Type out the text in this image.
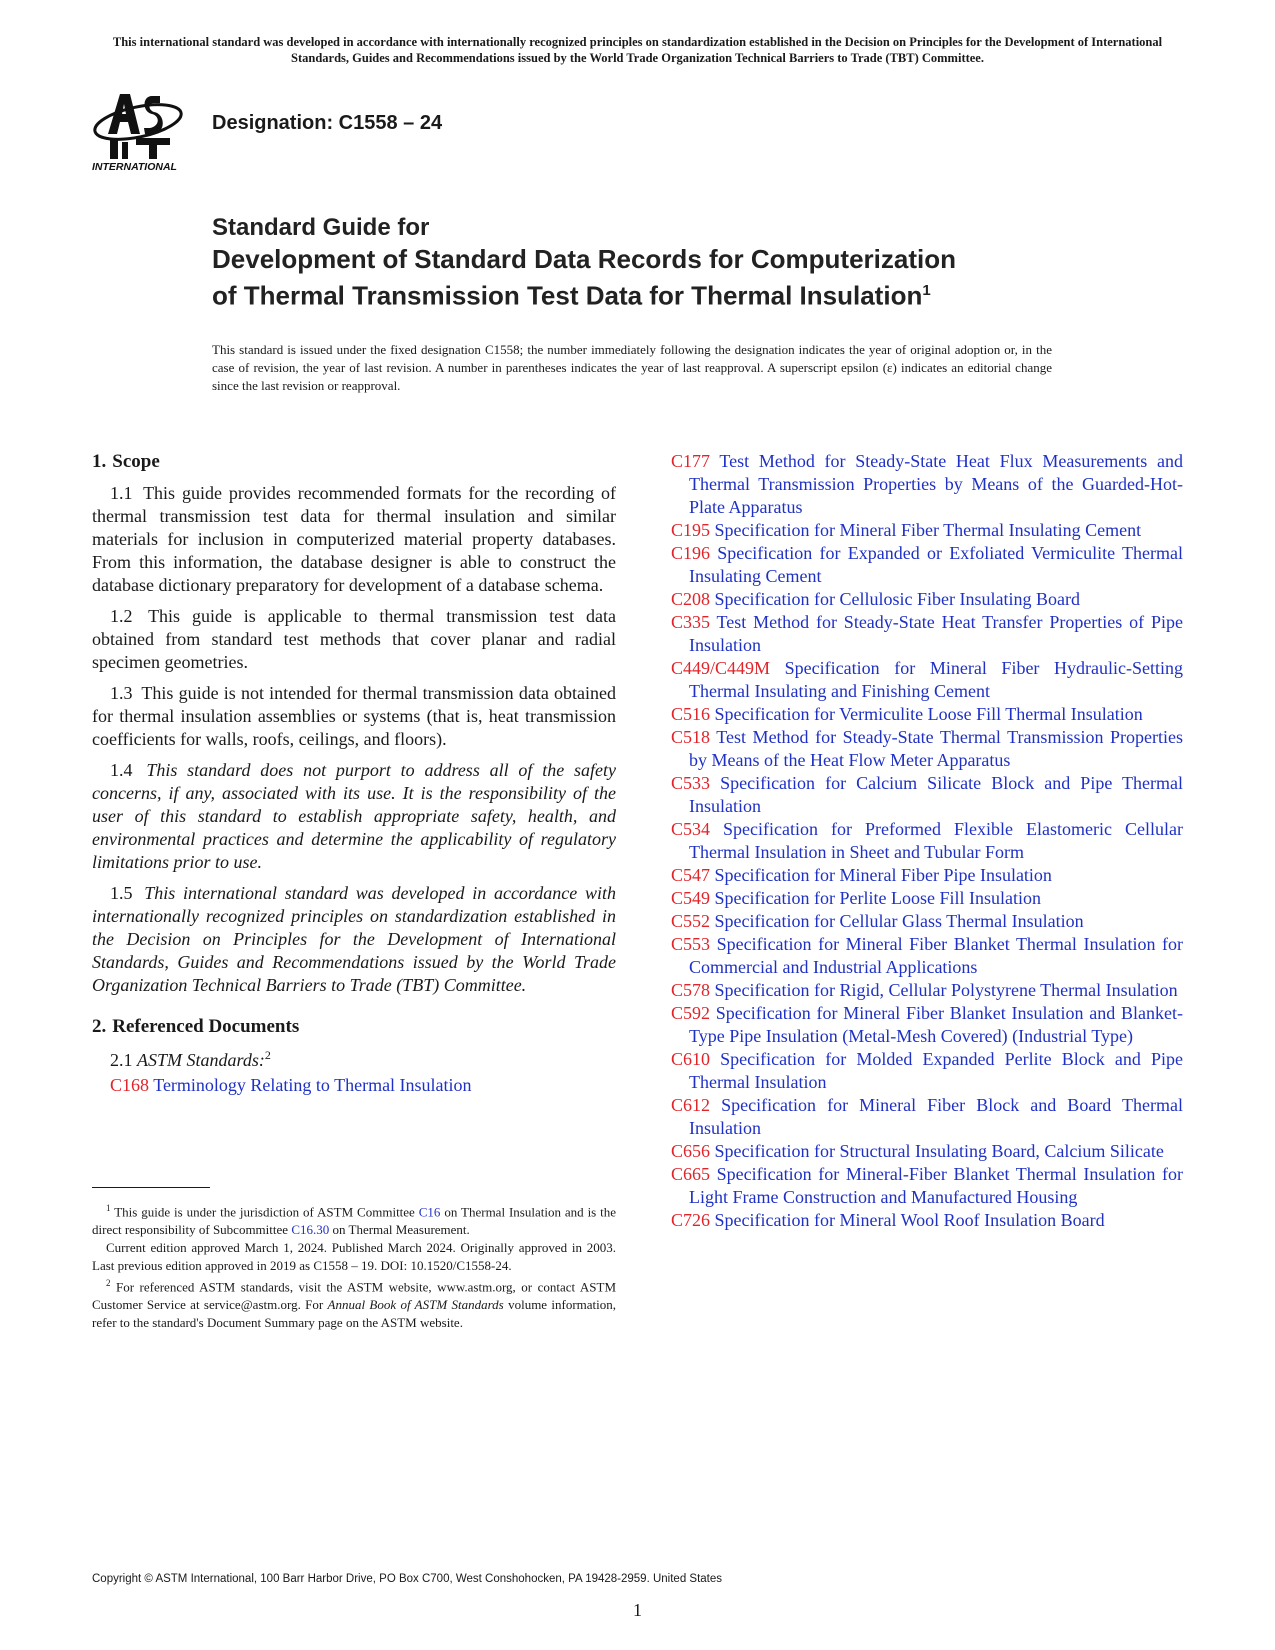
This international standard was developed in accordance with internationally recognized principles on standardization established in the Decision on Principles for the Development of International Standards, Guides and Recommendations issued by the World Trade Organization Technical Barriers to Trade (TBT) Committee.
INTERNATIONAL
Designation: C1558 – 24
Standard Guide for
Development of Standard Data Records for Computerization
of Thermal Transmission Test Data for Thermal Insulation$^1$
This standard is issued under the fixed designation C1558; the number immediately following the designation indicates the year of original adoption or, in the case of revision, the year of last revision. A number in parentheses indicates the year of last reapproval. A superscript epsilon (ε) indicates an editorial change since the last revision or reapproval.
1. Scope

1.1 This guide provides recommended formats for the recording of thermal transmission test data for thermal insulation and similar materials for inclusion in computerized material property databases. From this information, the database designer is able to construct the database dictionary preparatory for development of a database schema.

1.2 This guide is applicable to thermal transmission test data obtained from standard test methods that cover planar and radial specimen geometries.

1.3 This guide is not intended for thermal transmission data obtained for thermal insulation assemblies or systems (that is, heat transmission coefficients for walls, roofs, ceilings, and floors).

1.4 This standard does not purport to address all of the safety concerns, if any, associated with its use. It is the responsibility of the user of this standard to establish appropriate safety, health, and environmental practices and determine the applicability of regulatory limitations prior to use.

1.5 This international standard was developed in accordance with internationally recognized principles on standardization established in the Decision on Principles for the Development of International Standards, Guides and Recommendations issued by the World Trade Organization Technical Barriers to Trade (TBT) Committee.

2. Referenced Documents
2.1 ASTM Standards:$^2$
C168 Terminology Relating to Thermal Insulation

C177 Test Method for Steady-State Heat Flux Measurements and Thermal Transmission Properties by Means of the Guarded-Hot-Plate Apparatus

C195 Specification for Mineral Fiber Thermal Insulating Cement

C196 Specification for Expanded or Exfoliated Vermiculite Thermal Insulating Cement

C208 Specification for Cellulosic Fiber Insulating Board

C335 Test Method for Steady-State Heat Transfer Properties of Pipe Insulation

C449/C449M Specification for Mineral Fiber Hydraulic-Setting Thermal Insulating and Finishing Cement

C516 Specification for Vermiculite Loose Fill Thermal Insulation

C518 Test Method for Steady-State Thermal Transmission Properties by Means of the Heat Flow Meter Apparatus

C533 Specification for Calcium Silicate Block and Pipe Thermal Insulation

C534 Specification for Preformed Flexible Elastomeric Cellular Thermal Insulation in Sheet and Tubular Form

C547 Specification for Mineral Fiber Pipe Insulation

C549 Specification for Perlite Loose Fill Insulation

C552 Specification for Cellular Glass Thermal Insulation

C553 Specification for Mineral Fiber Blanket Thermal Insulation for Commercial and Industrial Applications

C578 Specification for Rigid, Cellular Polystyrene Thermal Insulation

C592 Specification for Mineral Fiber Blanket Insulation and Blanket-Type Pipe Insulation (Metal-Mesh Covered) (Industrial Type)

C610 Specification for Molded Expanded Perlite Block and Pipe Thermal Insulation

C612 Specification for Mineral Fiber Block and Board Thermal Insulation

C656 Specification for Structural Insulating Board, Calcium Silicate

C665 Specification for Mineral-Fiber Blanket Thermal Insulation for Light Frame Construction and Manufactured Housing

C726 Specification for Mineral Wool Roof Insulation Board

$^1$ This guide is under the jurisdiction of ASTM Committee C16 on Thermal Insulation and is the direct responsibility of Subcommittee C16.30 on Thermal Measurement.

Current edition approved March 1, 2024. Published March 2024. Originally approved in 2003. Last previous edition approved in 2019 as C1558 – 19. DOI: 10.1520/C1558-24.

$^2$ For referenced ASTM standards, visit the ASTM website, www.astm.org, or contact ASTM Customer Service at service@astm.org. For Annual Book of ASTM Standards volume information, refer to the standard's Document Summary page on the ASTM website.

Copyright © ASTM International, 100 Barr Harbor Drive, PO Box C700, West Conshohocken, PA 19428-2959. United States
1
